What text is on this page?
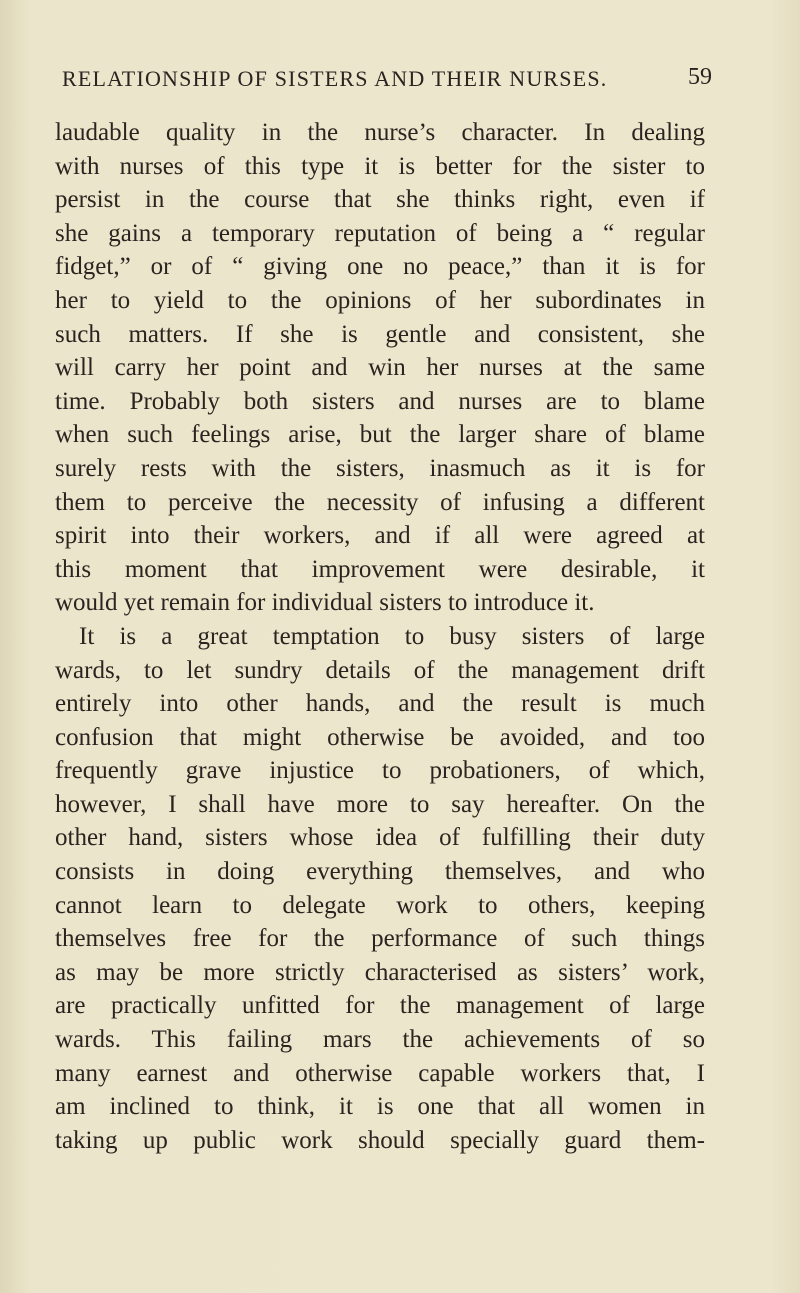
RELATIONSHIP OF SISTERS AND THEIR NURSES.	59
laudable quality in the nurse’s character. In dealing
with nurses of this type it is better for the sister to
persist in the course that she thinks right, even if
she gains a temporary reputation of being a “ regular
fidget,” or of “ giving one no peace,” than it is for
her to yield to the opinions of her subordinates in
such matters. If she is gentle and consistent, she
will carry her point and win her nurses at the same
time. Probably both sisters and nurses are to blame
when such feelings arise, but the larger share of blame
surely rests with the sisters, inasmuch as it is for
them to perceive the necessity of infusing a different
spirit into their workers, and if all were agreed at
this moment that improvement were desirable, it
would yet remain for individual sisters to introduce it.
It is a great temptation to busy sisters of large
wards, to let sundry details of the management drift
entirely into other hands, and the result is much
confusion that might otherwise be avoided, and too
frequently grave injustice to probationers, of which,
however, I shall have more to say hereafter. On the
other hand, sisters whose idea of fulfilling their duty
consists in doing everything themselves, and who
cannot learn to delegate work to others, keeping
themselves free for the performance of such things
as may be more strictly characterised as sisters’ work,
are practically unfitted for the management of large
wards. This failing mars the achievements of so
many earnest and otherwise capable workers that, I
am inclined to think, it is one that all women in
taking up public work should specially guard them-
